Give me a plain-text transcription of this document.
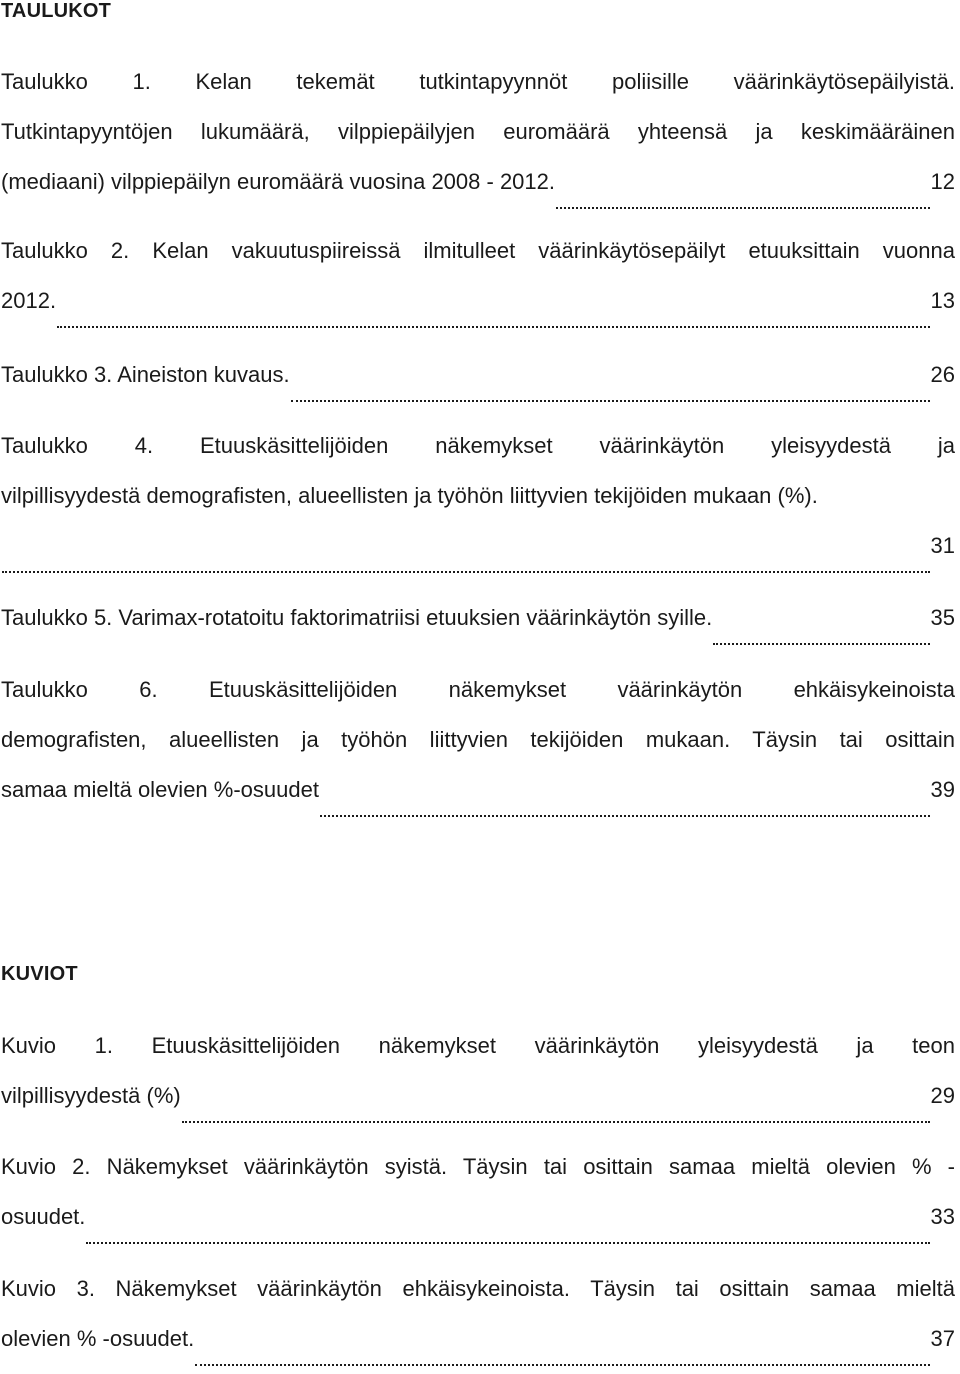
TAULUKOT
Taulukko 1. Kelan tekemät tutkintapyynnöt poliisille väärinkäytösepäilyistä.
Tutkintapyyntöjen lukumäärä, vilppiepäilyjen euromäärä yhteensä ja keskimääräinen
(mediaani) vilppiepäilyn euromäärä vuosina 2008 - 2012.	12
Taulukko 2. Kelan vakuutuspiireissä ilmitulleet väärinkäytösepäilyt etuuksittain vuonna
2012.	13
Taulukko 3. Aineiston kuvaus.	26
Taulukko 4. Etuuskäsittelijöiden näkemykset väärinkäytön yleisyydestä ja
vilpillisyydestä demografisten, alueellisten ja työhön liittyvien tekijöiden mukaan (%).
31
Taulukko 5. Varimax-rotatoitu faktorimatriisi etuuksien väärinkäytön syille.	35
Taulukko 6. Etuuskäsittelijöiden näkemykset väärinkäytön ehkäisykeinoista
demografisten, alueellisten ja työhön liittyvien tekijöiden mukaan. Täysin tai osittain
samaa mieltä olevien %-osuudet	39
KUVIOT
Kuvio 1. Etuuskäsittelijöiden näkemykset väärinkäytön yleisyydestä ja teon
vilpillisyydestä (%)	29
Kuvio 2. Näkemykset väärinkäytön syistä. Täysin tai osittain samaa mieltä olevien % -
osuudet.	33
Kuvio 3. Näkemykset väärinkäytön ehkäisykeinoista. Täysin tai osittain samaa mieltä
olevien % -osuudet.	37
